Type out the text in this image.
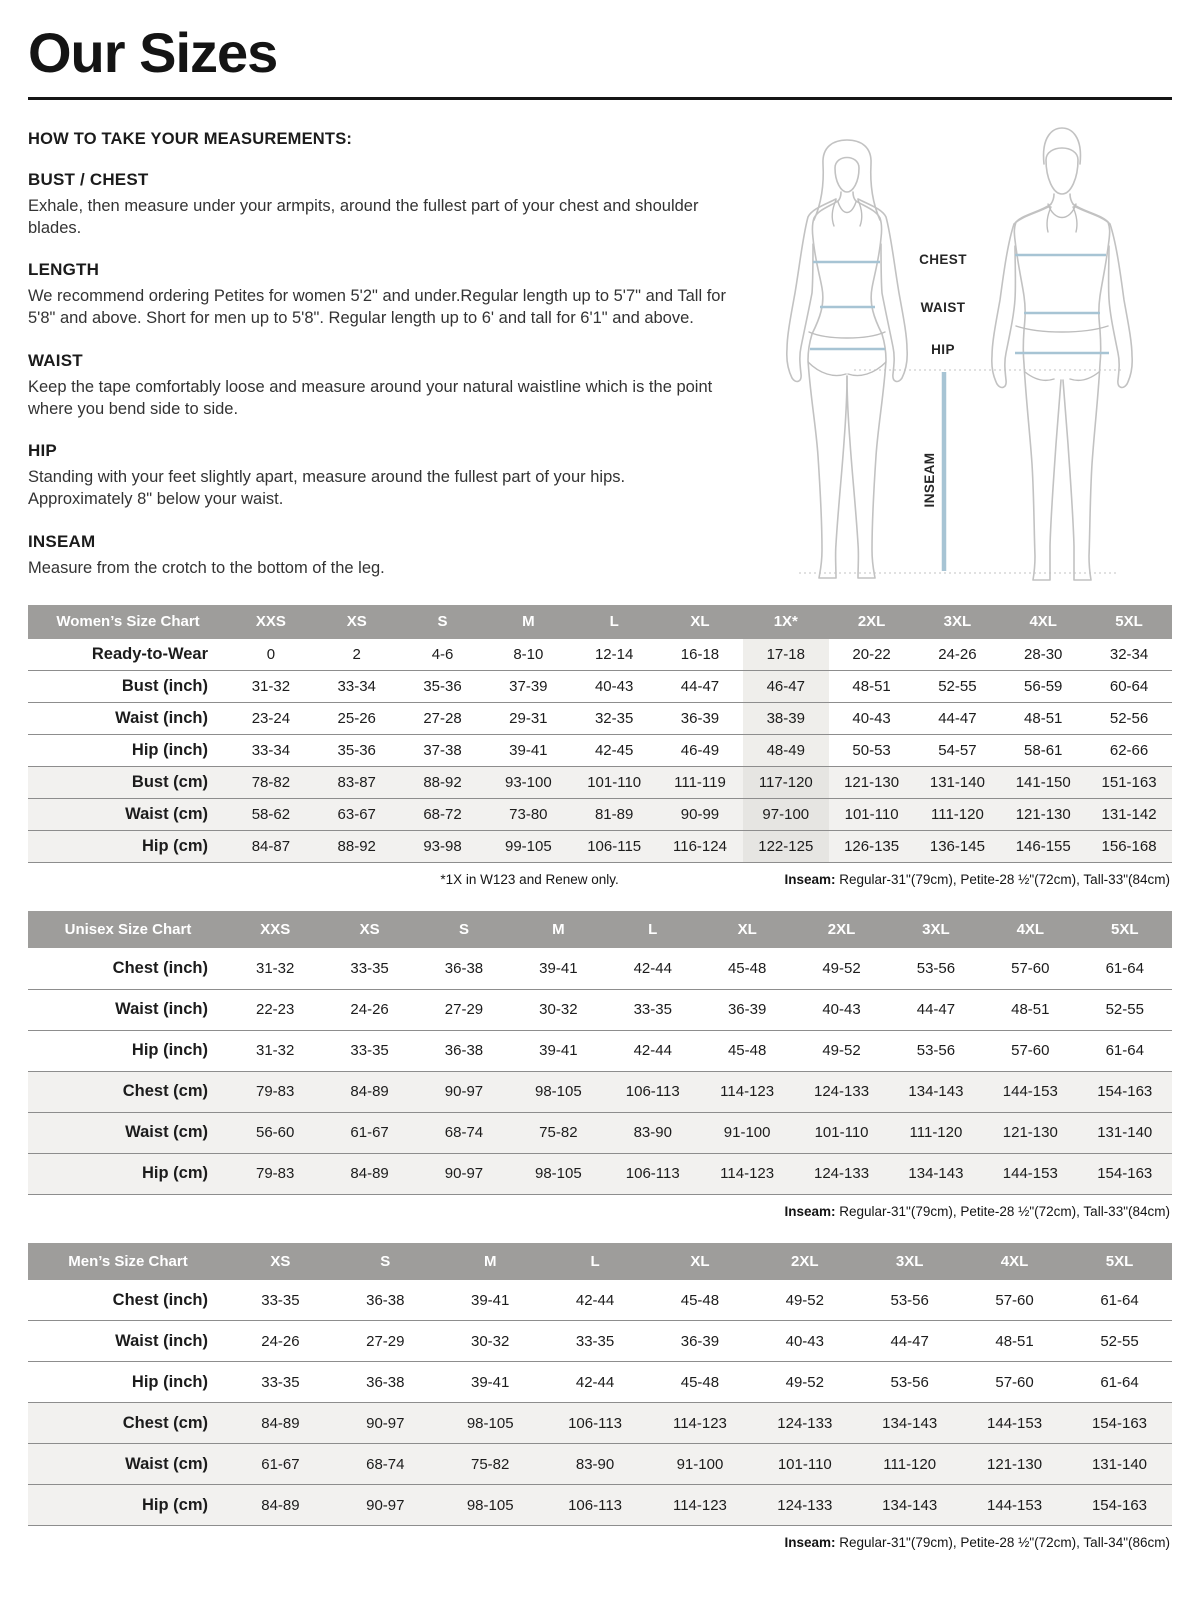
Our Sizes

HOW TO TAKE YOUR MEASUREMENTS:

BUST / CHEST

Exhale, then measure under your armpits, around the fullest part of your chest and shoulder blades.

LENGTH

We recommend ordering Petites for women 5'2" and under.Regular length up to 5'7" and Tall for 5'8" and above. Short for men up to 5'8". Regular length up to 6' and tall for 6'1" and above.

WAIST

Keep the tape comfortably loose and measure around your natural waistline which is the point where you bend side to side.

HIP

Standing with your feet slightly apart, measure around the fullest part of your hips. Approximately 8" below your waist.

INSEAM

Measure from the crotch to the bottom of the leg.

CHEST
WAIST
HIP
INSEAM
Women’s Size Chart	XXS	XS	S	M	L	XL	1X*	2XL	3XL	4XL	5XL
Ready-to-Wear	0	2	4-6	8-10	12-14	16-18	17-18	20-22	24-26	28-30	32-34
Bust (inch)	31-32	33-34	35-36	37-39	40-43	44-47	46-47	48-51	52-55	56-59	60-64
Waist (inch)	23-24	25-26	27-28	29-31	32-35	36-39	38-39	40-43	44-47	48-51	52-56
Hip (inch)	33-34	35-36	37-38	39-41	42-45	46-49	48-49	50-53	54-57	58-61	62-66
Bust (cm)	78-82	83-87	88-92	93-100	101-110	111-119	117-120	121-130	131-140	141-150	151-163
Waist (cm)	58-62	63-67	68-72	73-80	81-89	90-99	97-100	101-110	111-120	121-130	131-142
Hip (cm)	84-87	88-92	93-98	99-105	106-115	116-124	122-125	126-135	136-145	146-155	156-168
*1X in W123 and Renew only.	Inseam: Regular-31"(79cm), Petite-28 ½"(72cm), Tall-33"(84cm)
Unisex Size Chart	XXS	XS	S	M	L	XL	2XL	3XL	4XL	5XL
Chest (inch)	31-32	33-35	36-38	39-41	42-44	45-48	49-52	53-56	57-60	61-64
Waist (inch)	22-23	24-26	27-29	30-32	33-35	36-39	40-43	44-47	48-51	52-55
Hip (inch)	31-32	33-35	36-38	39-41	42-44	45-48	49-52	53-56	57-60	61-64
Chest (cm)	79-83	84-89	90-97	98-105	106-113	114-123	124-133	134-143	144-153	154-163
Waist (cm)	56-60	61-67	68-74	75-82	83-90	91-100	101-110	111-120	121-130	131-140
Hip (cm)	79-83	84-89	90-97	98-105	106-113	114-123	124-133	134-143	144-153	154-163
Inseam: Regular-31"(79cm), Petite-28 ½"(72cm), Tall-33"(84cm)
Men’s Size Chart	XS	S	M	L	XL	2XL	3XL	4XL	5XL
Chest (inch)	33-35	36-38	39-41	42-44	45-48	49-52	53-56	57-60	61-64
Waist (inch)	24-26	27-29	30-32	33-35	36-39	40-43	44-47	48-51	52-55
Hip (inch)	33-35	36-38	39-41	42-44	45-48	49-52	53-56	57-60	61-64
Chest (cm)	84-89	90-97	98-105	106-113	114-123	124-133	134-143	144-153	154-163
Waist (cm)	61-67	68-74	75-82	83-90	91-100	101-110	111-120	121-130	131-140
Hip (cm)	84-89	90-97	98-105	106-113	114-123	124-133	134-143	144-153	154-163
Inseam: Regular-31"(79cm), Petite-28 ½"(72cm), Tall-34"(86cm)
